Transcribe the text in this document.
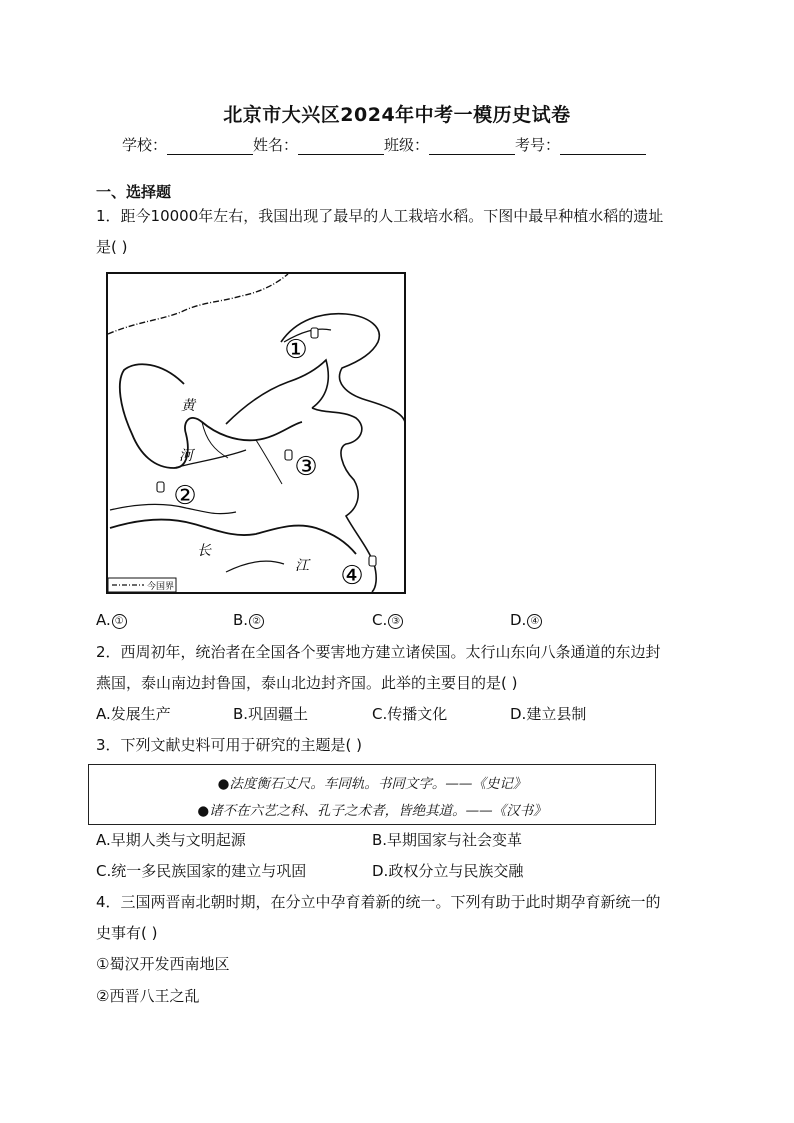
北京市大兴区2024年中考一模历史试卷
学校：	姓名：	班级：	考号：
一、选择题
1．距今10000年左右，我国出现了最早的人工栽培水稻。下图中最早种植水稻的遗址
是( )
①
②
③
④
黄
河
长
江
今国界
A. ①	B. ②	C. ③	D. ④
2．西周初年，统治者在全国各个要害地方建立诸侯国。太行山东向八条通道的东边封
燕国，泰山南边封鲁国，泰山北边封齐国。此举的主要目的是( )
A.发展生产	B.巩固疆土	C.传播文化	D.建立县制
3．下列文献史料可用于研究的主题是( )
●法度衡石丈尺。车同轨。书同文字。——《史记》
●诸不在六艺之科、孔子之术者，皆绝其道。——《汉书》
A.早期人类与文明起源	B.早期国家与社会变革
C.统一多民族国家的建立与巩固	D.政权分立与民族交融
4．三国两晋南北朝时期，在分立中孕育着新的统一。下列有助于此时期孕育新统一的
史事有( )
①蜀汉开发西南地区
②西晋八王之乱
